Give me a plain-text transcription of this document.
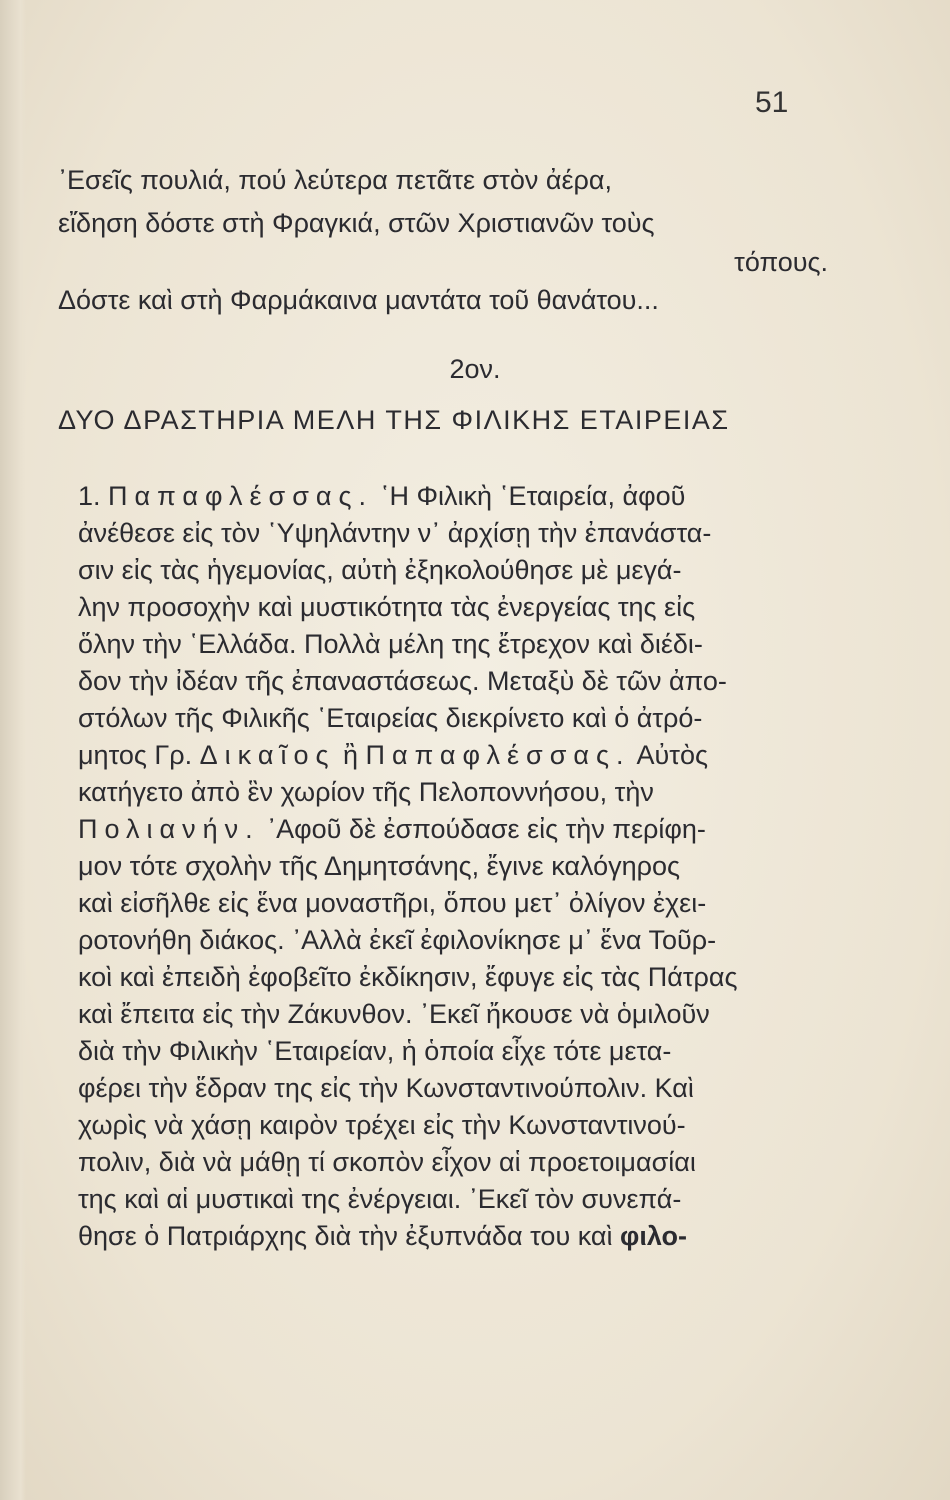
51
᾿Εσεῖς πουλιά, πού λεύτερα πετᾶτε στὸν ἀέρα,
εἴδηση δόστε στὴ Φραγκιά, στῶν Χριστιανῶν τοὺς
τόπους.
Δόστε καὶ στὴ Φαρμάκαινα μαντάτα τοῦ θανάτου...
2ον.
ΔΥΟ ΔΡΑΣΤΗΡΙΑ ΜΕΛΗ ΤΗΣ ΦΙΛΙΚΗΣ ΕΤΑΙΡΕΙΑΣ
1. Παπαφλέσσας. ῾Η Φιλικὴ ῾Εταιρεία, ἀφοῦ
ἀνέθεσε εἰς τὸν ῾Υψηλάντην ν᾿ ἀρχίσῃ τὴν ἐπανάστα-
σιν εἰς τὰς ἡγεμονίας, αὐτὴ ἐξηκολούθησε μὲ μεγά-
λην προσοχὴν καὶ μυστικότητα τὰς ἐνεργείας της εἰς
ὅλην τὴν ῾Ελλάδα. Πολλὰ μέλη της ἔτρεχον καὶ διέδι-
δον τὴν ἰδέαν τῆς ἐπαναστάσεως. Μεταξὺ δὲ τῶν ἀπο-
στόλων τῆς Φιλικῆς ῾Εταιρείας διεκρίνετο καὶ ὁ ἀτρό-
μητος Γρ. Δικαῖος ἢ Παπαφλέσσας. Αὐτὸς
κατήγετο ἀπὸ ἓν χωρίον τῆς Πελοποννήσου, τὴν
Πολιανήν. ᾿Αφοῦ δὲ ἐσπούδασε εἰς τὴν περίφη-
μον τότε σχολὴν τῆς Δημητσάνης, ἔγινε καλόγηρος
καὶ εἰσῆλθε εἰς ἕνα μοναστῆρι, ὅπου μετ᾿ ὀλίγον ἐχει-
ροτονήθη διάκος. ᾿Αλλὰ ἐκεῖ ἐφιλονίκησε μ᾿ ἕνα Τοῦρ-
κοὶ καὶ ἐπειδὴ ἐφοβεῖτο ἐκδίκησιν, ἔφυγε εἰς τὰς Πάτρας
καὶ ἔπειτα εἰς τὴν Ζάκυνθον. ᾿Εκεῖ ἤκουσε νὰ ὁμιλοῦν
διὰ τὴν Φιλικὴν ῾Εταιρείαν, ἡ ὁποία εἶχε τότε μετα-
φέρει τὴν ἕδραν της εἰς τὴν Κωνσταντινούπολιν. Καὶ
χωρὶς νὰ χάσῃ καιρὸν τρέχει εἰς τὴν Κωνσταντινού-
πολιν, διὰ νὰ μάθῃ τί σκοπὸν εἶχον αἱ προετοιμασίαι
της καὶ αἱ μυστικαὶ της ἐνέργειαι. ᾿Εκεῖ τὸν συνεπά-
θησε ὁ Πατριάρχης διὰ τὴν ἐξυπνάδα του καὶ φιλο-
